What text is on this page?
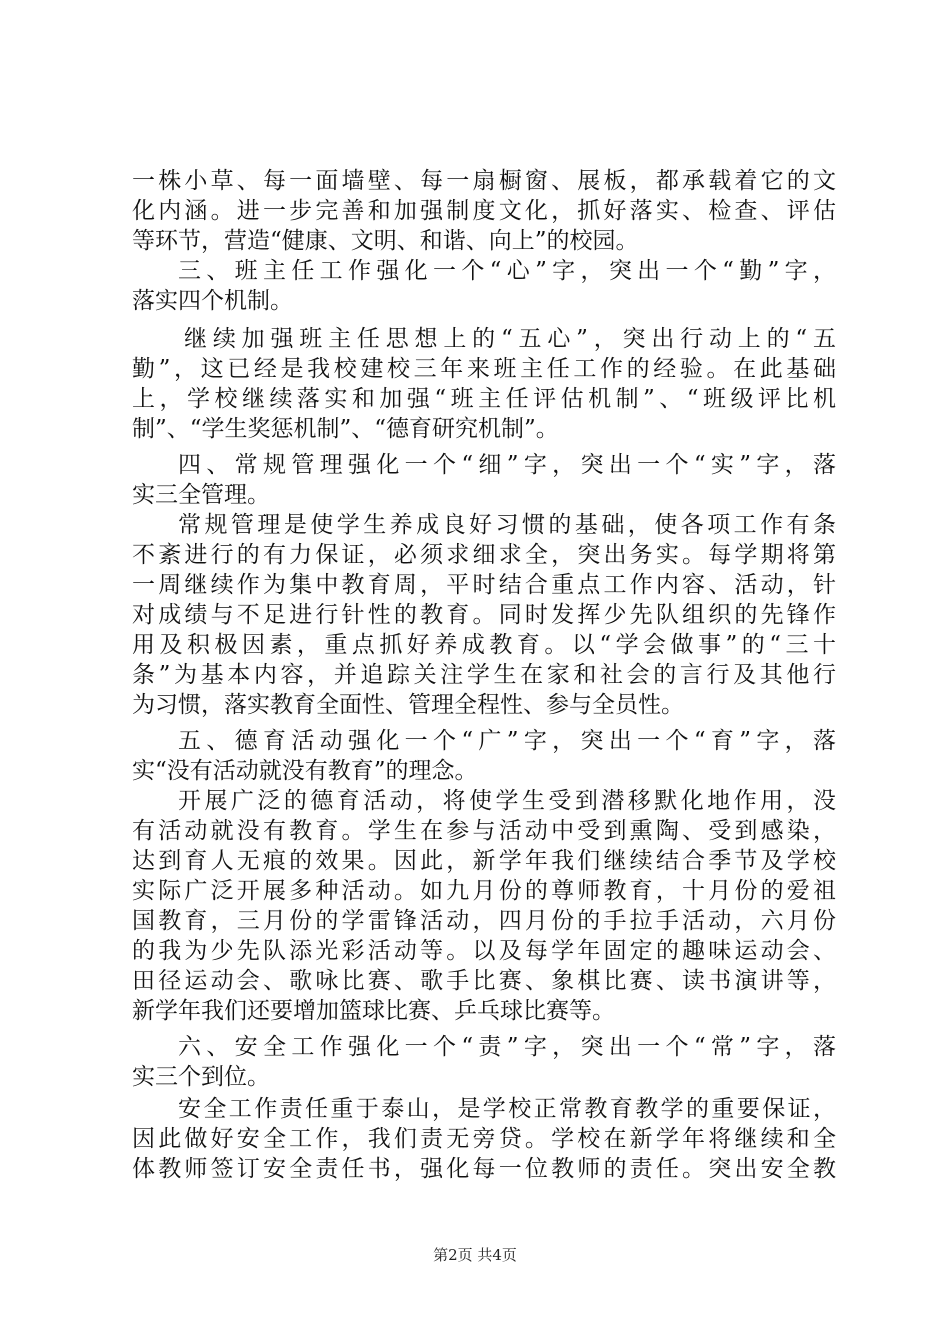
一株小草、每一面墙壁、每一扇橱窗、展板，都承载着它的文
化内涵。进一步完善和加强制度文化，抓好落实、检查、评估
等环节，营造“健康、文明、和谐、向上”的校园。
三、班主任工作强化一个“心”字，突出一个“勤”字，
落实四个机制。
继续加强班主任思想上的“五心”，突出行动上的“五
勤”，这已经是我校建校三年来班主任工作的经验。在此基础
上，学校继续落实和加强“班主任评估机制”、“班级评比机
制”、“学生奖惩机制”、“德育研究机制”。
四、常规管理强化一个“细”字，突出一个“实”字，落
实三全管理。
常规管理是使学生养成良好习惯的基础，使各项工作有条
不紊进行的有力保证，必须求细求全，突出务实。每学期将第
一周继续作为集中教育周，平时结合重点工作内容、活动，针
对成绩与不足进行针性的教育。同时发挥少先队组织的先锋作
用及积极因素，重点抓好养成教育。以“学会做事”的“三十
条”为基本内容，并追踪关注学生在家和社会的言行及其他行
为习惯，落实教育全面性、管理全程性、参与全员性。
五、德育活动强化一个“广”字，突出一个“育”字，落
实“没有活动就没有教育”的理念。
开展广泛的德育活动，将使学生受到潜移默化地作用，没
有活动就没有教育。学生在参与活动中受到熏陶、受到感染，
达到育人无痕的效果。因此，新学年我们继续结合季节及学校
实际广泛开展多种活动。如九月份的尊师教育，十月份的爱祖
国教育，三月份的学雷锋活动，四月份的手拉手活动，六月份
的我为少先队添光彩活动等。以及每学年固定的趣味运动会、
田径运动会、歌咏比赛、歌手比赛、象棋比赛、读书演讲等，
新学年我们还要增加篮球比赛、乒乓球比赛等。
六、安全工作强化一个“责”字，突出一个“常”字，落
实三个到位。
安全工作责任重于泰山，是学校正常教育教学的重要保证，
因此做好安全工作，我们责无旁贷。学校在新学年将继续和全
体教师签订安全责任书，强化每一位教师的责任。突出安全教
第2页 共4页
